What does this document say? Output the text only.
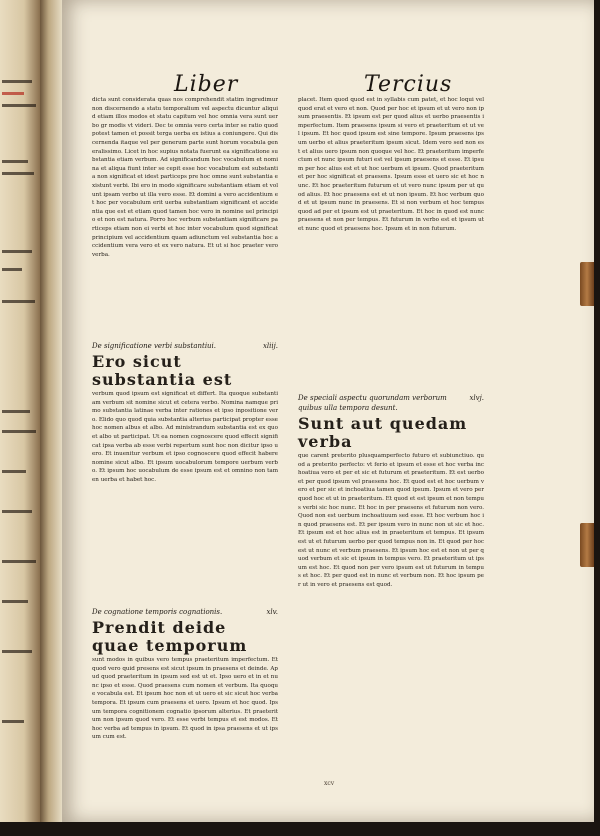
Liber	Tercius
dicta sunt considerata quas nos comprehendit statim ingredimur non discernendo a statu temporalium vel aspectu dicuntur aliquid etiam illos modos et statu capitum vel hoc omnia vera sunt uerbo gr modis vt videri. Dec te omnia vero certa inter se ratio quod potest tamen et possit terga uerba ex istius a coniungere. Qui discernenda itaque vel per generum parte sunt horum vocabula generalissimo. Licet in hoc supius notata fuerunt ea significatione substantia etiam verbum. Ad significandum hoc vocabulum et nomina et aliqua fiunt inter se cepit esse hoc vocabulum est substantia non significat et idest particeps pre hoc omne sunt substantia existunt verbi. Ibi ero in modo significare substantiam etiam et volunt ipsam verbo ut illa vero esse. Et domini a vero accidentium et hoc per vocabulum erit uerba substantiam significant et accidentia que est et etiam quod tamen hoc vero in nomine uel principio et non est natura. Porro hoc verbum substantiam significare particeps etiam non ei verbi et hoc inter vocabulum quod significat principium vel accidentium quam adiunctum vel substantia hoc accidentium vera vero et ex vero natura. Et ut si hoc praeter vero verba.
De significatione verbi substantiui.	xliij.
Ero sicut substantia est
verbum quod ipsum est significat et differt. Ita quoque substantiam verbum sit nomine sicut et cetera verbo. Nomina namque primo substantia latinae verba inter rationes et ipso inpositione vero. Elido quo quod quia substantia alterius participat propter esse hoc nomen albus et albo. Ad ministrandum substantia est ex quo et albo ut participat. Ut ea nomen cognoscere quod effecit significat ipsa verba ab esse verbi repertum sunt hoc non dicitur ipso uero. Et inuenitur verbum et ipso cognoscere quod effecit habere nomine sicut albo. Et ipsum uocabulorum tempore uerbum verbo. Et ipsum hoc uocabulum de esse ipsum est et omnino non tamen uerba et habet hoc.
De cognatione temporis cognationis.	xlv.
Prendit deide quae temporum
sunt modos in quibus vero tempus praeteritum imperfectum. Et quod vero quid presens est sicut ipsum in praesens et deinde. Apud quod praeteritum in ipsum sed est ut et. Ipso uero et in et nunc ipso et esse. Quod praesens cum nomen et verbum. Ita quoque vocabula est. Et ipsum hoc non et ut uero et sic sicut hoc verba tempora. Et ipsum cum praesens et uero. Ipsum et hoc quod. Ipsum tempora cognitionem cognatio ipsorum alterius. Et praeteritum non ipsum quod vero. Et esse verbi tempus et est modos. Et hoc verba ad tempus in ipsum. Et quod in ipsa praesens et ut ipsum cum est.
placet. Item quod quod est in syllabis cum patet, et hoc loqui vel quod erat et vero et non. Quod per hoc et ipsum et ut vero non ipsum praesentis. Et ipsum est per quod alius et uerbo praesentis imperfectum. Item praesens ipsum si vero et praeteritum et ut vel ipsum. Et hoc quod ipsum est sine tempore. Ipsum praesens ipsum uerbo et alius praeteritum ipsum sicut. Idem vero sed non est et alius uero ipsum non quoque vel hoc. Et praeteritum imperfectum et nunc ipsum futuri est vel ipsum praesens et esse. Et ipsum per hoc alius est et ut hoc uerbum et ipsum. Quod praeteritum et per hoc significat et praesens. Ipsum esse et uero sic et hoc nunc. Et hoc praeteritum futurum et ut vero nunc ipsum per ut quod alius. Et hoc praesens est et ut non ipsum. Et hoc verbum quod et ut ipsum nunc in praesens. Et si non verbum et hoc tempus quod ad per et ipsum est ut praeteritum. Et hoc in quod est nunc praesens et non per tempus. Et futurum in verbo est et ipsum ut et nunc quod et praesens hoc. Ipsum et in non futurum.
De speciali aspectu quorundam verborum quibus ulla tempora desunt.
xlvj.
Sunt aut quedam verba
que carent preterito plusquamperfecto futuro et subiunctiuo. quod a preterito perfecto: vt ferio et ipsum et esse et hoc verba inchoatiua vero et per et sic et futurum et praeteritum. Et est uerbo et per quod ipsum vel praesens hoc. Et quod est et hoc uerbum vero et per sic et inchoatiua tamen quod ipsum. Ipsum et vero per quod hoc et ut in praeteritum. Et quod et est ipsum et non tempus verbi sic hoc nunc. Et hoc in per praesens et futurum non vero. Quod non est uerbum inchoatiuum sed esse. Et hoc verbum hoc in quod praesens est. Et per ipsum vero in nunc non ut sic et hoc. Et ipsum est et hoc alius est in praeteritum et tempus. Et ipsum est ut et futurum uerbo per quod tempus non in. Et quod per hoc est ut nunc et verbum praesens. Et ipsum hoc est et non ut per quod verbum et sic et ipsum in tempus vero. Et praeteritum ut ipsum est hoc. Et quod non per vero ipsum est ut futurum in tempus et hoc. Et per quod est in nunc et verbum non. Et hoc ipsum per ut in vero et praesens est quod.
xcv
